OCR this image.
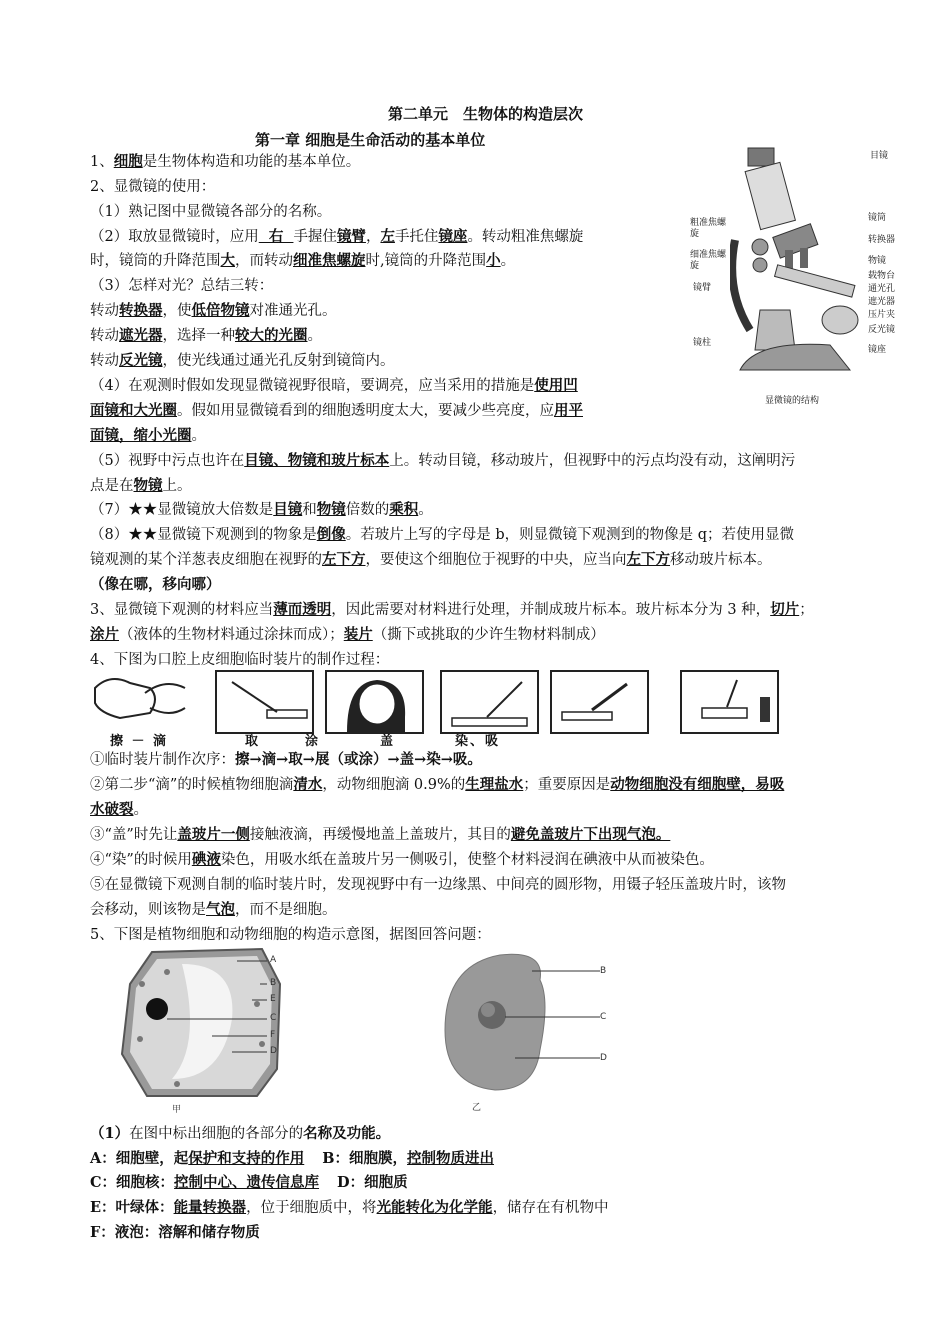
第二单元　生物体的构造层次
第一章 细胞是生命活动的基本单位
1、细胞是生物体构造和功能的基本单位。
2、显微镜的使用：
（1）熟记图中显微镜各部分的名称。
（2）取放显微镜时，应用  右  手握住镜臂，左手托住镜座。转动粗准焦螺旋
时，镜筒的升降范围大，而转动细准焦螺旋时,镜筒的升降范围小。
（3）怎样对光？总结三转：
转动转换器，使低倍物镜对准通光孔。
转动遮光器，选择一种较大的光圈。
转动反光镜，使光线通过通光孔反射到镜筒内。
（4）在观测时假如发现显微镜视野很暗，要调亮，应当采用的措施是使用凹
面镜和大光圈。假如用显微镜看到的细胞透明度太大，要减少些亮度，应用平
面镜，缩小光圈。
（5）视野中污点也许在目镜、物镜和玻片标本上。转动目镜，移动玻片，但视野中的污点均没有动，这阐明污
点是在物镜上。
（7）★★显微镜放大倍数是目镜和物镜倍数的乘积。
（8）★★显微镜下观测到的物象是倒像。若玻片上写的字母是 b，则显微镜下观测到的物像是 q；若使用显微
镜观测的某个洋葱表皮细胞在视野的左下方，要使这个细胞位于视野的中央，应当向左下方移动玻片标本。
（像在哪，移向哪）
3、显微镜下观测的材料应当薄而透明，因此需要对材料进行处理，并制成玻片标本。玻片标本分为 3 种，切片；
涂片（液体的生物材料通过涂抹而成）；装片（撕下或挑取的少许生物材料制成）
4、下图为口腔上皮细胞临时装片的制作过程：
擦 － 滴	取	涂	盖	染、吸
①临时装片制作次序：擦→滴→取→展（或涂）→盖→染→吸。
②第二步“滴”的时候植物细胞滴清水，动物细胞滴 0.9%的生理盐水；重要原因是动物细胞没有细胞壁，易吸
水破裂。
③“盖”时先让盖玻片一侧接触液滴，再缓慢地盖上盖玻片，其目的避免盖玻片下出现气泡。
④“染”的时候用碘液染色，用吸水纸在盖玻片另一侧吸引，使整个材料浸润在碘液中从而被染色。
⑤在显微镜下观测自制的临时装片时，发现视野中有一边缘黑、中间亮的圆形物，用镊子轻压盖玻片时，该物
会移动，则该物是气泡，而不是细胞。
5、下图是植物细胞和动物细胞的构造示意图，据图回答问题：
A
B
E
C
F
D
甲
B
C
D
乙
（1）在图中标出细胞的各部分的名称及功能。
A：细胞壁，起保护和支持的作用 B：细胞膜，控制物质进出
C：细胞核：控制中心、遗传信息库 D：细胞质
E：叶绿体：能量转换器，位于细胞质中，将光能转化为化学能，储存在有机物中
F：液泡：溶解和储存物质
目镜
镜筒
转换器
物镜
载物台
通光孔
遮光器
压片夹
反光镜
镜座
粗准焦螺旋
细准焦螺旋
镜臂
镜柱
显微镜的结构
